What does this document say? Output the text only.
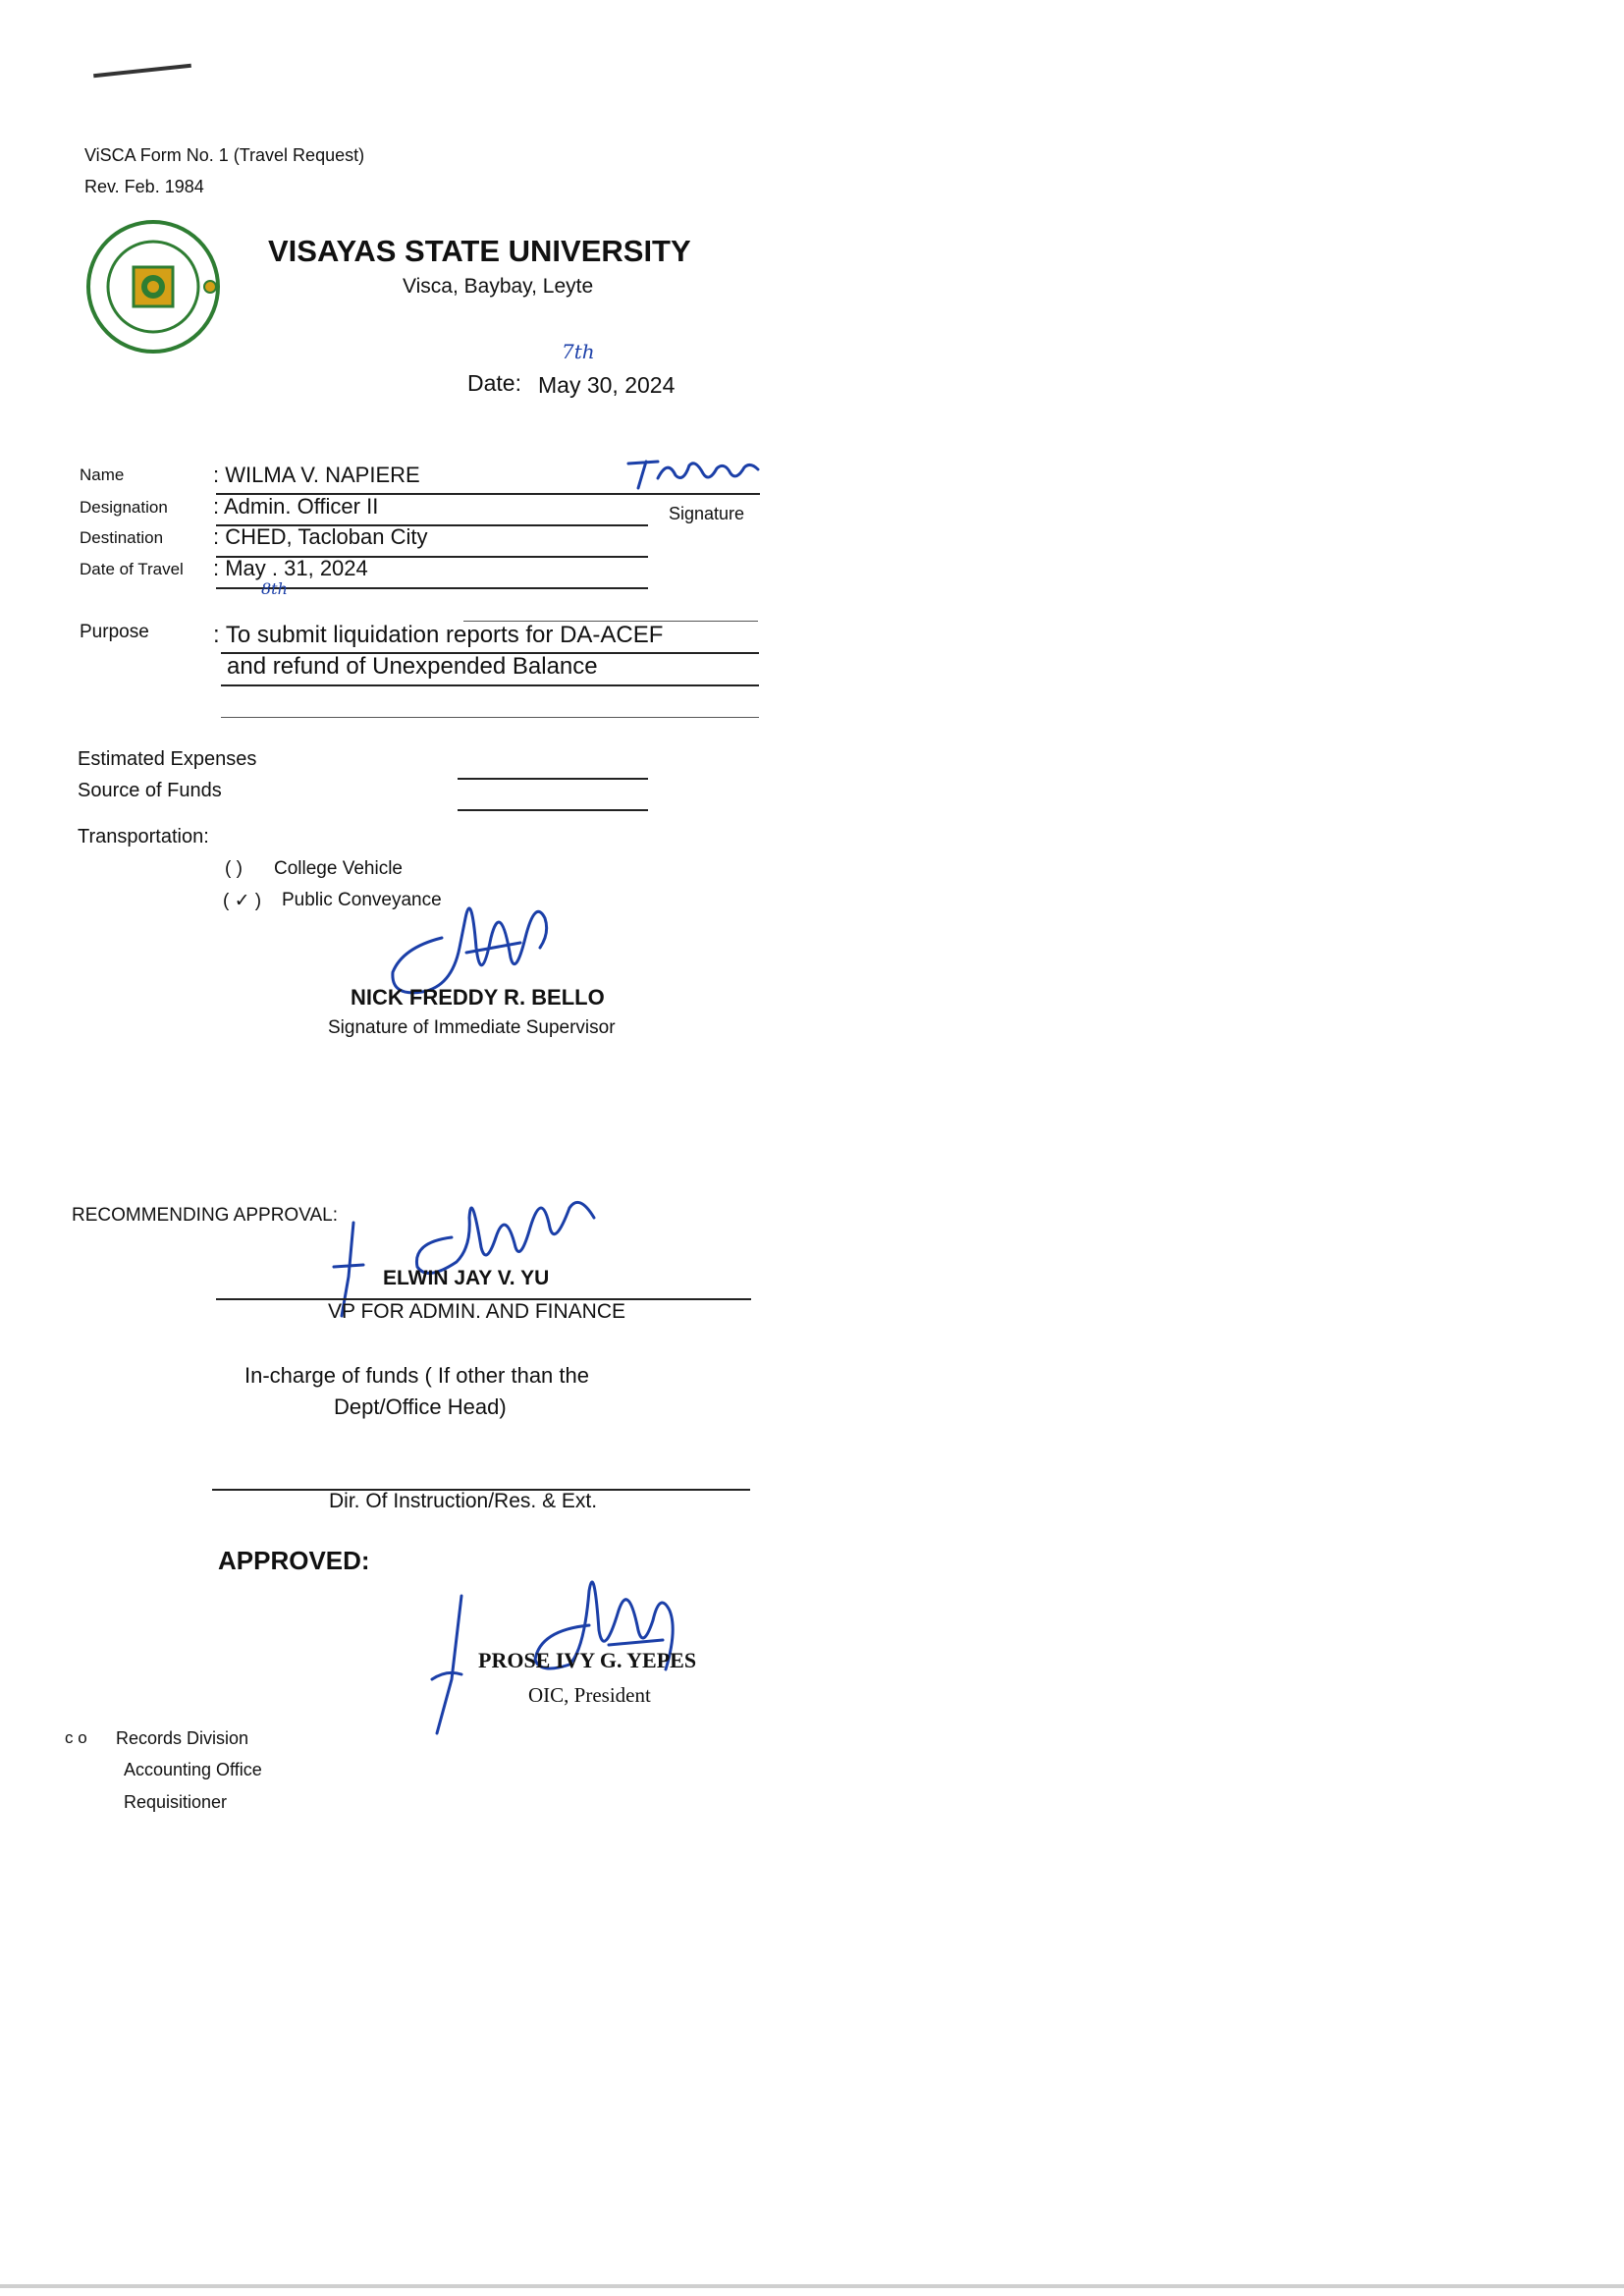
ViSCA Form No. 1 (Travel Request)
Rev. Feb. 1984
VISAYAS STATE UNIVERSITY
Visca, Baybay, Leyte
Date: May 30, 2024
7th
Name
Designation
Destination
Date of Travel
: WILMA V. NAPIERE
: Admin. Officer II
: CHED, Tacloban City
: May . 31, 2024
8th
Signature
Purpose	: To submit liquidation reports for DA-ACEF
and refund of Unexpended Balance
Estimated Expenses
Source of Funds
Transportation:
( ) College Vehicle
( ✓ ) Public Conveyance
NICK FREDDY R. BELLO
Signature of Immediate Supervisor
RECOMMENDING APPROVAL:
ELWIN JAY V. YU
VP FOR ADMIN. AND FINANCE
In-charge of funds ( If other than the
Dept/Office Head)
Dir. Of Instruction/Res. & Ext.
APPROVED:
PROSE IVY G. YEPES
OIC, President
c o Records Division
Accounting Office
Requisitioner
